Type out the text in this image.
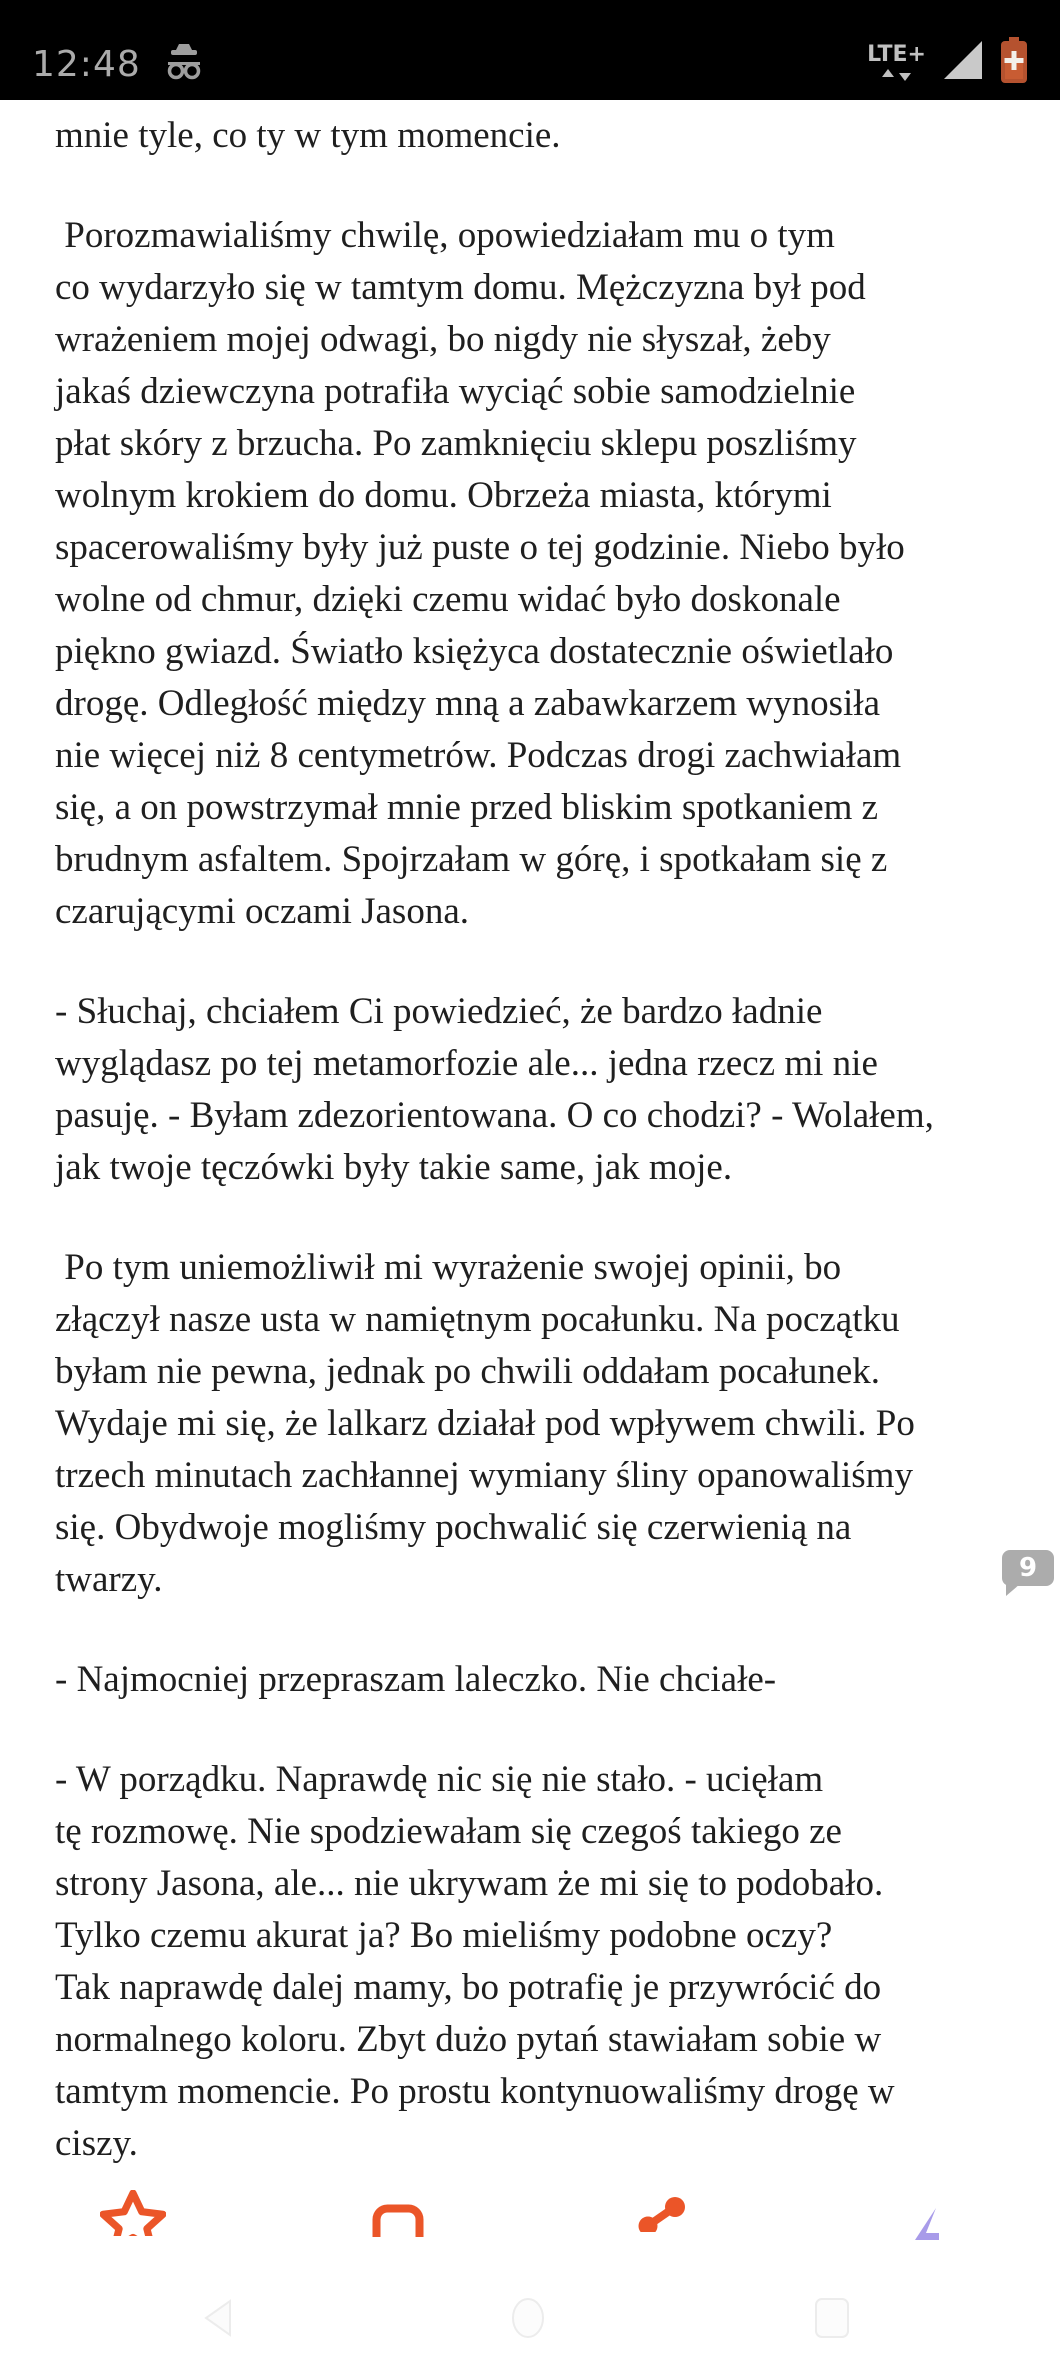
12:48	LTE+
mnie tyle, co ty w tym momencie.
Porozmawialiśmy chwilę, opowiedziałam mu o tym
co wydarzyło się w tamtym domu. Mężczyzna był pod
wrażeniem mojej odwagi, bo nigdy nie słyszał, żeby
jakaś dziewczyna potrafiła wyciąć sobie samodzielnie
płat skóry z brzucha. Po zamknięciu sklepu poszliśmy
wolnym krokiem do domu. Obrzeża miasta, którymi
spacerowaliśmy były już puste o tej godzinie. Niebo było
wolne od chmur, dzięki czemu widać było doskonale
piękno gwiazd. Światło księżyca dostatecznie oświetlało
drogę. Odległość między mną a zabawkarzem wynosiła
nie więcej niż 8 centymetrów. Podczas drogi zachwiałam
się, a on powstrzymał mnie przed bliskim spotkaniem z
brudnym asfaltem. Spojrzałam w górę, i spotkałam się z
czarującymi oczami Jasona.
- Słuchaj, chciałem Ci powiedzieć, że bardzo ładnie
wyglądasz po tej metamorfozie ale... jedna rzecz mi nie
pasuję. - Byłam zdezorientowana. O co chodzi? - Wolałem,
jak twoje tęczówki były takie same, jak moje.
Po tym uniemożliwił mi wyrażenie swojej opinii, bo
złączył nasze usta w namiętnym pocałunku. Na początku
byłam nie pewna, jednak po chwili oddałam pocałunek.
Wydaje mi się, że lalkarz działał pod wpływem chwili. Po
trzech minutach zachłannej wymiany śliny opanowaliśmy
się. Obydwoje mogliśmy pochwalić się czerwienią na
twarzy.
- Najmocniej przepraszam laleczko. Nie chciałe-
- W porządku. Naprawdę nic się nie stało. - ucięłam
tę rozmowę. Nie spodziewałam się czegoś takiego ze
strony Jasona, ale... nie ukrywam że mi się to podobało.
Tylko czemu akurat ja? Bo mieliśmy podobne oczy?
Tak naprawdę dalej mamy, bo potrafię je przywrócić do
normalnego koloru. Zbyt dużo pytań stawiałam sobie w
tamtym momencie. Po prostu kontynuowaliśmy drogę w
ciszy.
9
